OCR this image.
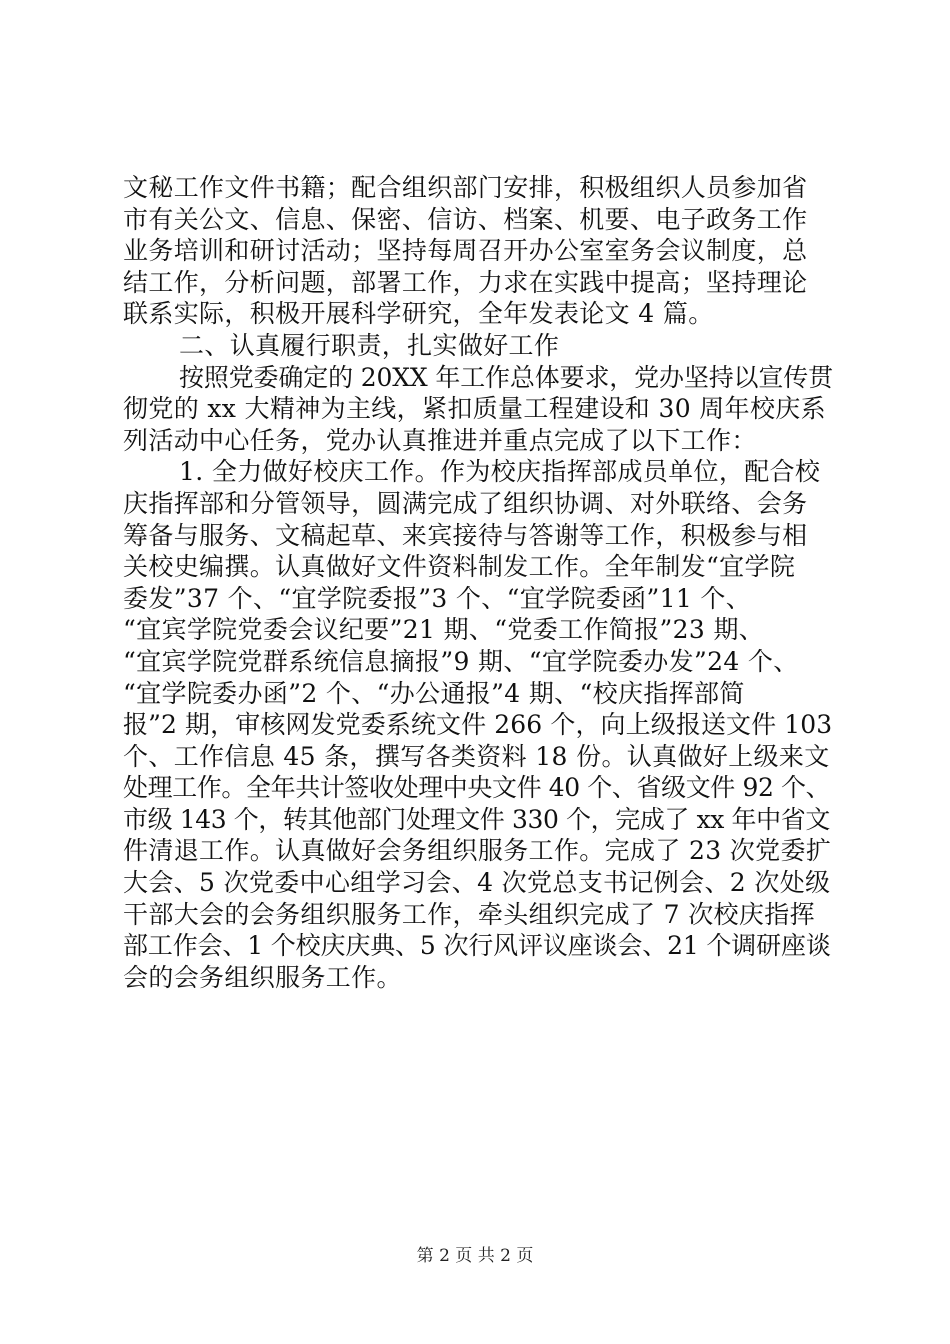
文秘工作文件书籍；配合组织部门安排，积极组织人员参加省
市有关公文、信息、保密、信访、档案、机要、电子政务工作
业务培训和研讨活动；坚持每周召开办公室室务会议制度，总
结工作，分析问题，部署工作，力求在实践中提高；坚持理论
联系实际，积极开展科学研究，全年发表论文 4 篇。
二、认真履行职责，扎实做好工作
按照党委确定的 20XX 年工作总体要求，党办坚持以宣传贯
彻党的 xx 大精神为主线，紧扣质量工程建设和 30 周年校庆系
列活动中心任务，党办认真推进并重点完成了以下工作：
1. 全力做好校庆工作。作为校庆指挥部成员单位，配合校
庆指挥部和分管领导，圆满完成了组织协调、对外联络、会务
筹备与服务、文稿起草、来宾接待与答谢等工作，积极参与相
关校史编撰。认真做好文件资料制发工作。全年制发“宜学院
委发”37 个、“宜学院委报”3 个、“宜学院委函”11 个、
“宜宾学院党委会议纪要”21 期、“党委工作简报”23 期、
“宜宾学院党群系统信息摘报”9 期、“宜学院委办发”24 个、
“宜学院委办函”2 个、“办公通报”4 期、“校庆指挥部简
报”2 期，审核网发党委系统文件 266 个，向上级报送文件 103
个、工作信息 45 条，撰写各类资料 18 份。认真做好上级来文
处理工作。全年共计签收处理中央文件 40 个、省级文件 92 个、
市级 143 个，转其他部门处理文件 330 个，完成了 xx 年中省文
件清退工作。认真做好会务组织服务工作。完成了 23 次党委扩
大会、5 次党委中心组学习会、4 次党总支书记例会、2 次处级
干部大会的会务组织服务工作，牵头组织完成了 7 次校庆指挥
部工作会、1 个校庆庆典、5 次行风评议座谈会、21 个调研座谈
会的会务组织服务工作。
第 2 页 共 2 页
